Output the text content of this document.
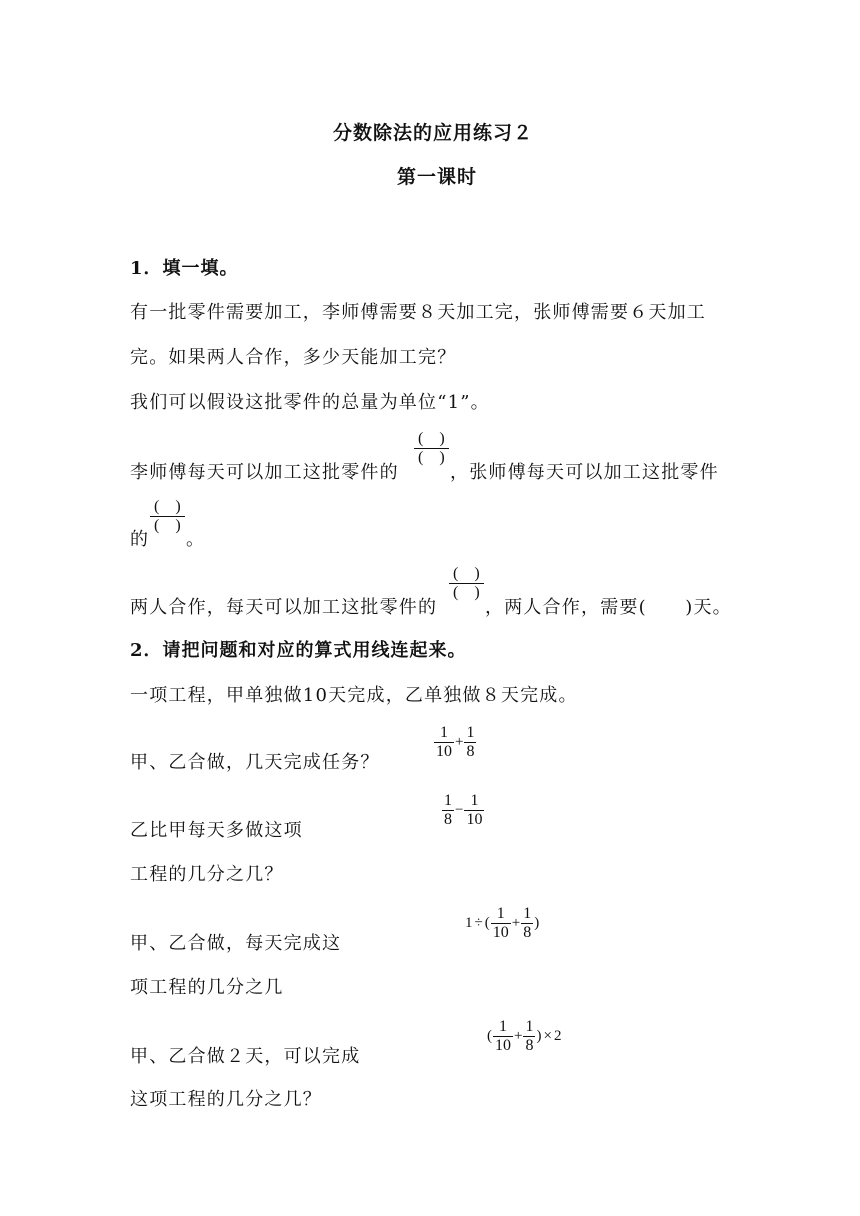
分数除法的应用练习２
第一课时
1．填一填。
有一批零件需要加工，李师傅需要８天加工完，张师傅需要６天加工
完。如果两人合作，多少天能加工完？
我们可以假设这批零件的总量为单位“1”。
李师傅每天可以加工这批零件的
(　)
(　)
，张师傅每天可以加工这批零件
的
(　)
(　)
。
两人合作，每天可以加工这批零件的
(　)
(　)
，两人合作，需要(　　)天。
2．请把问题和对应的算式用线连起来。
一项工程，甲单独做10天完成，乙单独做８天完成。
甲、乙合做，几天完成任务？
乙比甲每天多做这项
工程的几分之几？
甲、乙合做，每天完成这
项工程的几分之几
甲、乙合做２天，可以完成
这项工程的几分之几？
$\frac{1}{10} + \frac{1}{8}$
$\frac{1}{8} - \frac{1}{10}$
1 ÷ ( $\frac{1}{10} + \frac{1}{8}$ )
( $\frac{1}{10} + \frac{1}{8}$ ) × 2
